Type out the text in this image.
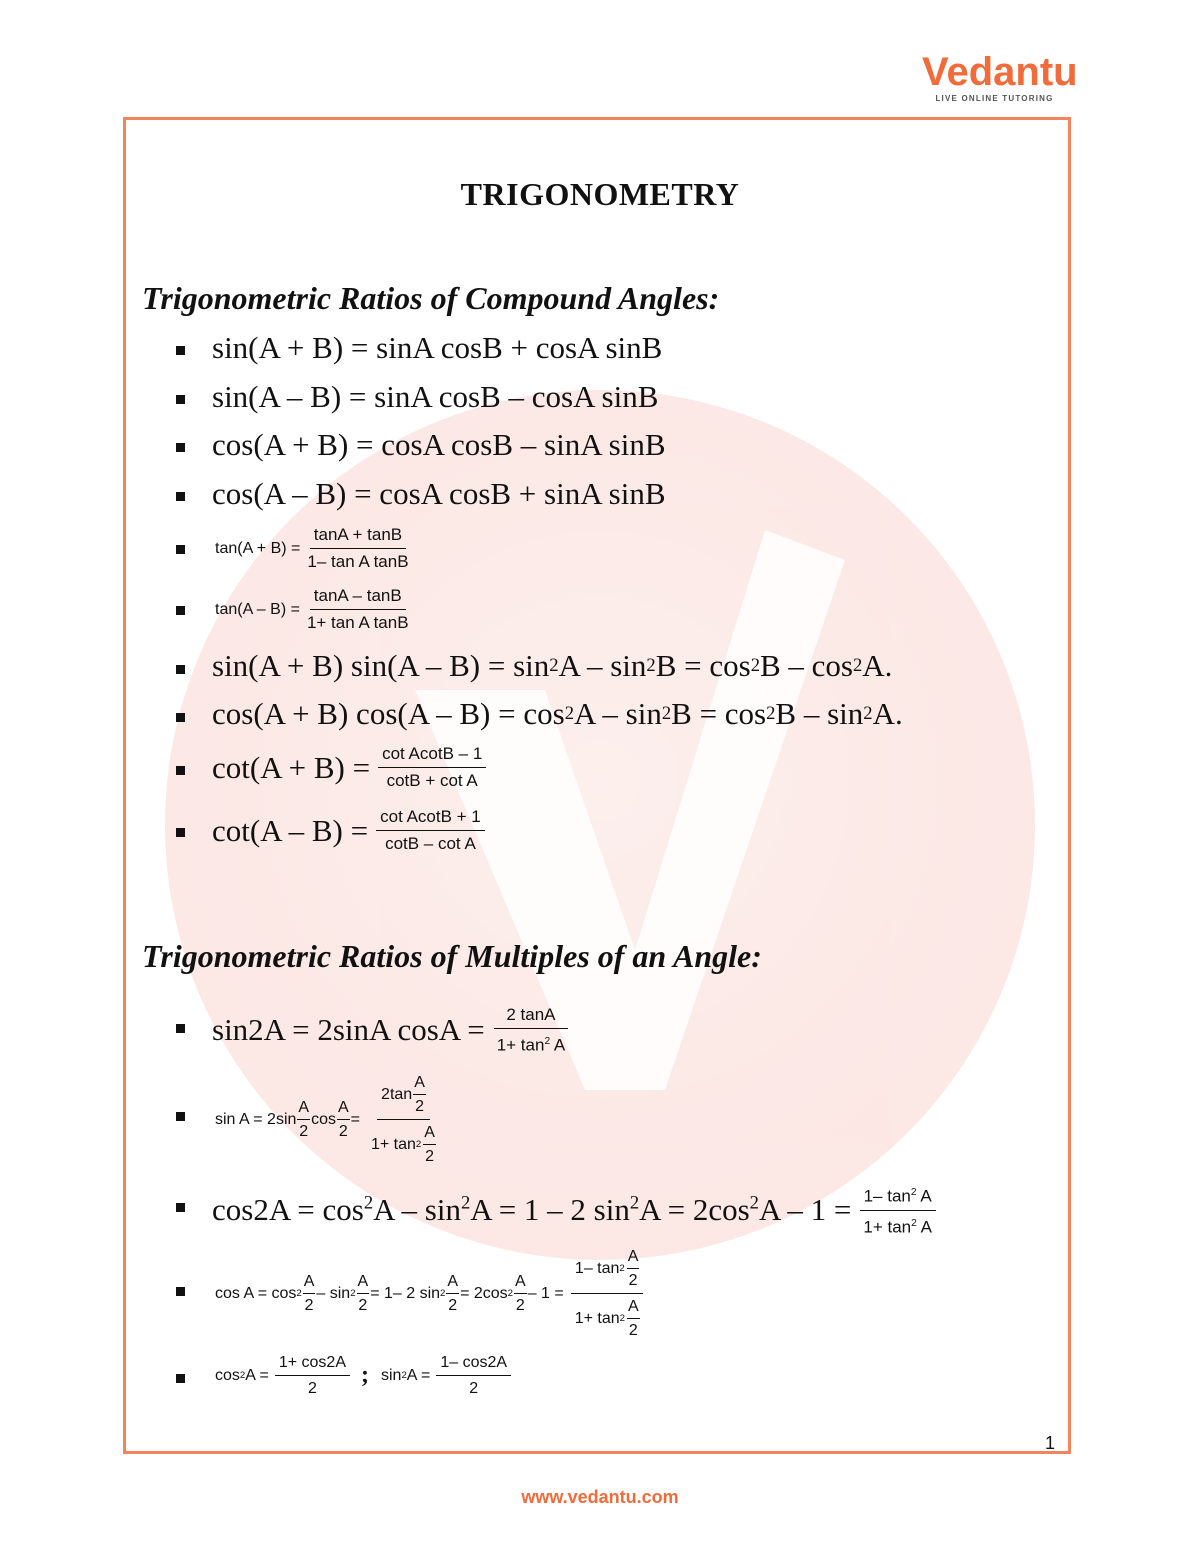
Vedantu
LIVE ONLINE TUTORING
TRIGONOMETRY
Trigonometric Ratios of Compound Angles:
sin(A + B) = sinA cosB + cosA sinB
sin(A – B) = sinA cosB – cosA sinB
cos(A + B) = cosA cosB – sinA sinB
cos(A – B) = cosA cosB + sinA sinB
$\tan(A + B) = \frac{\tan A + \tan B}{\text{1– tan A tanB}}$
$\tan(A - B) = \frac{\tan A - \tan B}{\text{1+ tan A tanB}}$
sin(A + B) sin(A – B) = sin 2 A – sin 2 B = cos 2 B – cos 2 A.
cos(A + B) cos(A – B) = cos 2 A – sin 2 B = cos 2 B – sin 2 A.
$\cot(A + B) = \frac{\text{cot AcotB – 1}}{\text{cotB + cot A}}$
$\cot(A - B) = \frac{\text{cot AcotB + 1}}{\text{cotB – cot A}}$
Trigonometric Ratios of Multiples of an Angle:
sin2A = 2sinA $\cos A = \frac{2 \tan A}{1+ \tan^2 A}$
$\sin A = 2\sin \frac{A}{2}$ $\cos \frac{A}{2} = \frac{2\tan \frac{A}{2}}{1+ \tan 2 \frac{A}{2}}$
$\cos 2A = \cos^2A - \sin^2A = 1 - 2$ $\sin^2A = 2\cos^2A - 1 = \frac{1- \tan^2 A}{1+ \tan^2 A}$
$\cos A = \cos 2 \frac{A}{2} - \sin 2 \frac{A}{2} = 1-$ 2 $\sin 2 \frac{A}{2} = 2\cos$ $2 \frac{A}{2} - 1 = \frac{1- \tan 2 \frac{A}{2}}{1+ \tan 2 \frac{A}{2}}$
cos 2 $A = \frac{1+ \cos 2A}{2}$ ; sin 2 $A = \frac{1- \cos 2A}{2}$
1
www.vedantu.com
